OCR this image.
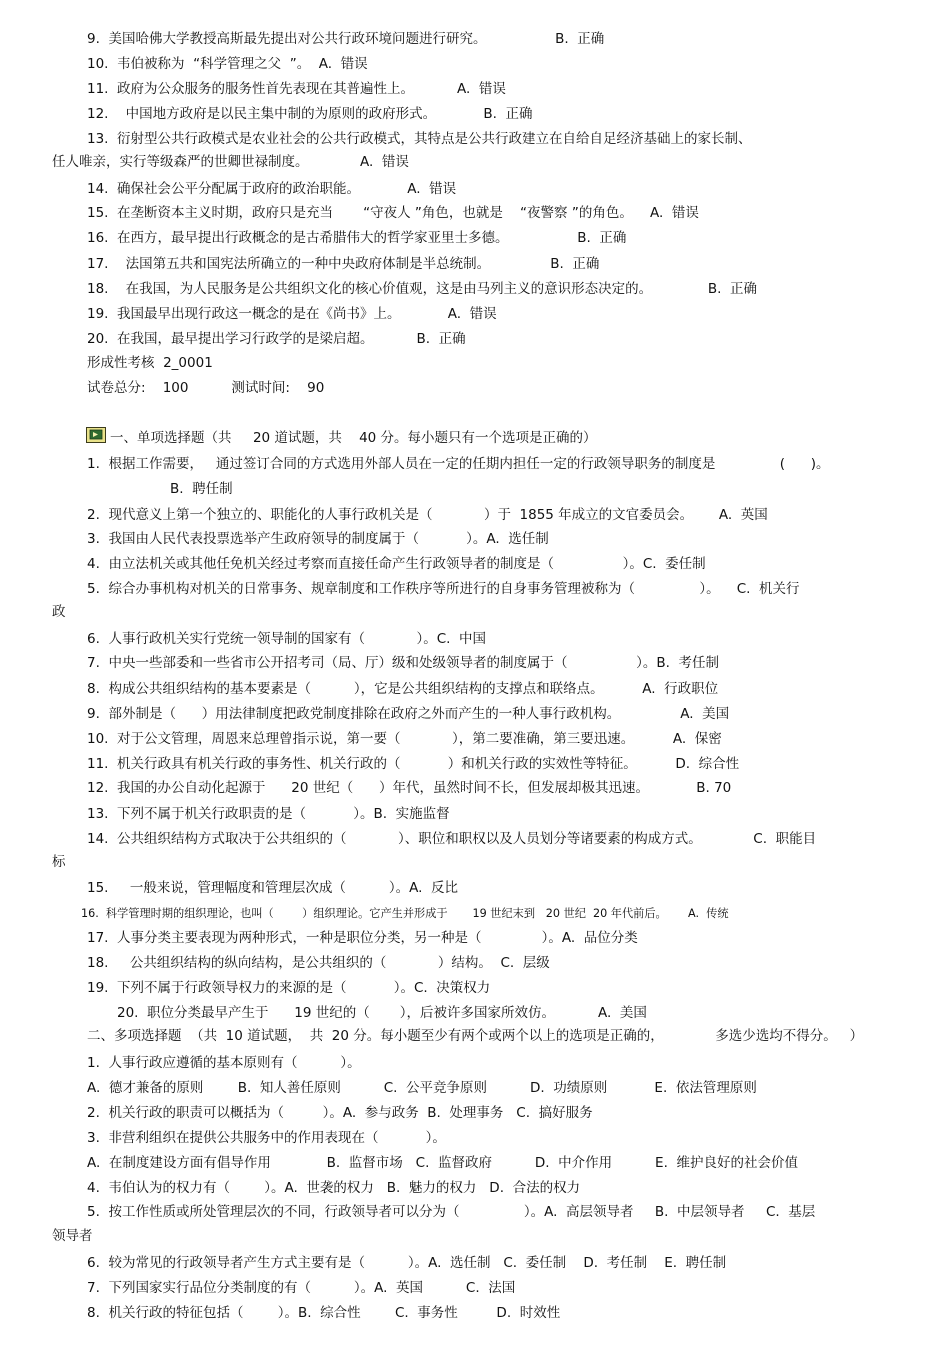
9.  美国哈佛大学教授高斯最先提出对公共行政环境问题进行研究。                B.  正确
10.  韦伯被称为  “科学管理之父  ”。  A.  错误
11.  政府为公众服务的服务性首先表现在其普遍性上。          A.  错误
12.    中国地方政府是以民主集中制的为原则的政府形式。           B.  正确
13.  衍射型公共行政模式是农业社会的公共行政模式，其特点是公共行政建立在自给自足经济基础上的家长制、
任人唯亲，实行等级森严的世卿世禄制度。            A.  错误
14.  确保社会公平分配属于政府的政治职能。           A.  错误
15.  在垄断资本主义时期，政府只是充当       “守夜人 ”角色，也就是    “夜警察 ”的角色。    A.  错误
16.  在西方，最早提出行政概念的是古希腊伟大的哲学家亚里士多德。                B.  正确
17.    法国第五共和国宪法所确立的一种中央政府体制是半总统制。              B.  正确
18.    在我国，为人民服务是公共组织文化的核心价值观，这是由马列主义的意识形态决定的。             B.  正确
19.  我国最早出现行政这一概念的是在《尚书》上。           A.  错误
20.  在我国，最早提出学习行政学的是梁启超。          B.  正确
形成性考核  2_0001
试卷总分:    100          测试时间:    90
一、单项选择题（共     20 道试题，共    40 分。每小题只有一个选项是正确的）
1.  根据工作需要，   通过签订合同的方式选用外部人员在一定的任期内担任一定的行政领导职务的制度是               (      )。
B.  聘任制
2.  现代意义上第一个独立的、职能化的人事行政机关是（            ）于  1855 年成立的文官委员会。      A.  英国
3.  我国由人民代表投票选举产生政府领导的制度属于（           ）。A.  选任制
4.  由立法机关或其他任免机关经过考察而直接任命产生行政领导者的制度是（                ）。C.  委任制
5.  综合办事机构对机关的日常事务、规章制度和工作秩序等所进行的自身事务管理被称为（               ）。    C.  机关行
政
6.  人事行政机关实行党统一领导制的国家有（            ）。C.  中国
7.  中央一些部委和一些省市公开招考司（局、厅）级和处级领导者的制度属于（                ）。B.  考任制
8.  构成公共组织结构的基本要素是（          ），它是公共组织结构的支撑点和联络点。         A.  行政职位
9.  部外制是（      ）用法律制度把政党制度排除在政府之外而产生的一种人事行政机构。              A.  美国
10.  对于公文管理，周恩来总理曾指示说，第一要（            ），第二要准确，第三要迅速。         A.  保密
11.  机关行政具有机关行政的事务性、机关行政的（           ）和机关行政的实效性等特征。         D.  综合性
12.  我国的办公自动化起源于      20 世纪（      ）年代，虽然时间不长，但发展却极其迅速。           B. 70
13.  下列不属于机关行政职责的是（           ）。B.  实施监督
14.  公共组织结构方式取决于公共组织的（            ）、职位和职权以及人员划分等诸要素的构成方式。            C.  职能目
标
15.     一般来说，管理幅度和管理层次成（          ）。A.  反比
16.  科学管理时期的组织理论，也叫（        ）组织理论。它产生并形成于       19 世纪末到   20 世纪  20 年代前后。      A.  传统
17.  人事分类主要表现为两种形式，一种是职位分类，另一种是（              ）。A.  品位分类
18.     公共组织结构的纵向结构，是公共组织的（            ）结构。  C.  层级
19.  下列不属于行政领导权力的来源的是（           ）。C.  决策权力
20.  职位分类最早产生于      19 世纪的（       ），后被许多国家所效仿。          A.  美国
二、多项选择题  （共  10 道试题，  共  20 分。每小题至少有两个或两个以上的选项是正确的，            多选少选均不得分。   ）
1.  人事行政应遵循的基本原则有（          ）。
A.  德才兼备的原则        B.  知人善任原则          C.  公平竞争原则          D.  功绩原则           E.  依法管理原则
2.  机关行政的职责可以概括为（         ）。A.  参与政务  B.  处理事务   C.  搞好服务
3.  非营利组织在提供公共服务中的作用表现在（           ）。
A.  在制度建设方面有倡导作用             B.  监督市场   C.  监督政府          D.  中介作用          E.  维护良好的社会价值
4.  韦伯认为的权力有（        ）。A.  世袭的权力   B.  魅力的权力   D.  合法的权力
5.  按工作性质或所处管理层次的不同，行政领导者可以分为（               ）。A.  高层领导者     B.  中层领导者     C.  基层
领导者
6.  较为常见的行政领导者产生方式主要有是（          ）。A.  选任制   C.  委任制    D.  考任制    E.  聘任制
7.  下列国家实行品位分类制度的有（          ）。A.  英国          C.  法国
8.  机关行政的特征包括（        ）。B.  综合性        C.  事务性         D.  时效性
